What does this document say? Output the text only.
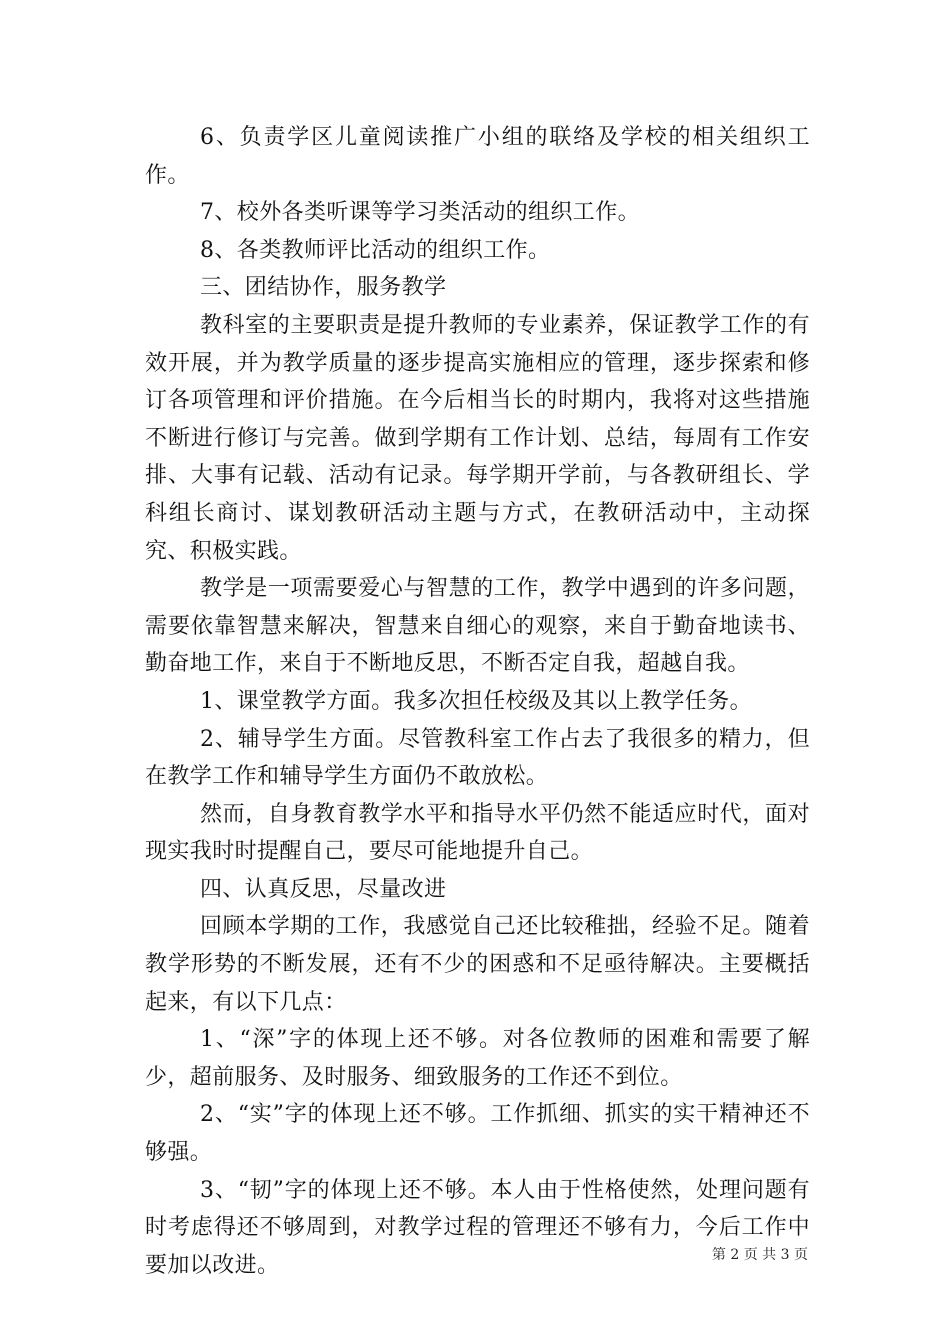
6、负责学区儿童阅读推广小组的联络及学校的相关组织工作。

7、校外各类听课等学习类活动的组织工作。

8、各类教师评比活动的组织工作。

三、团结协作，服务教学

教科室的主要职责是提升教师的专业素养，保证教学工作的有效开展，并为教学质量的逐步提高实施相应的管理，逐步探索和修订各项管理和评价措施。在今后相当长的时期内，我将对这些措施不断进行修订与完善。做到学期有工作计划、总结，每周有工作安排、大事有记载、活动有记录。每学期开学前，与各教研组长、学科组长商讨、谋划教研活动主题与方式，在教研活动中，主动探究、积极实践。

教学是一项需要爱心与智慧的工作，教学中遇到的许多问题，需要依靠智慧来解决，智慧来自细心的观察，来自于勤奋地读书、勤奋地工作，来自于不断地反思，不断否定自我，超越自我。

1、课堂教学方面。我多次担任校级及其以上教学任务。

2、辅导学生方面。尽管教科室工作占去了我很多的精力，但在教学工作和辅导学生方面仍不敢放松。

然而，自身教育教学水平和指导水平仍然不能适应时代，面对现实我时时提醒自己，要尽可能地提升自己。

四、认真反思，尽量改进

回顾本学期的工作，我感觉自己还比较稚拙，经验不足。随着教学形势的不断发展，还有不少的困惑和不足亟待解决。主要概括起来，有以下几点：

1、“深”字的体现上还不够。对各位教师的困难和需要了解少，超前服务、及时服务、细致服务的工作还不到位。

2、“实”字的体现上还不够。工作抓细、抓实的实干精神还不够强。

3、“韧”字的体现上还不够。本人由于性格使然，处理问题有时考虑得还不够周到，对教学过程的管理还不够有力，今后工作中要加以改进。	第 2 页 共 3 页
